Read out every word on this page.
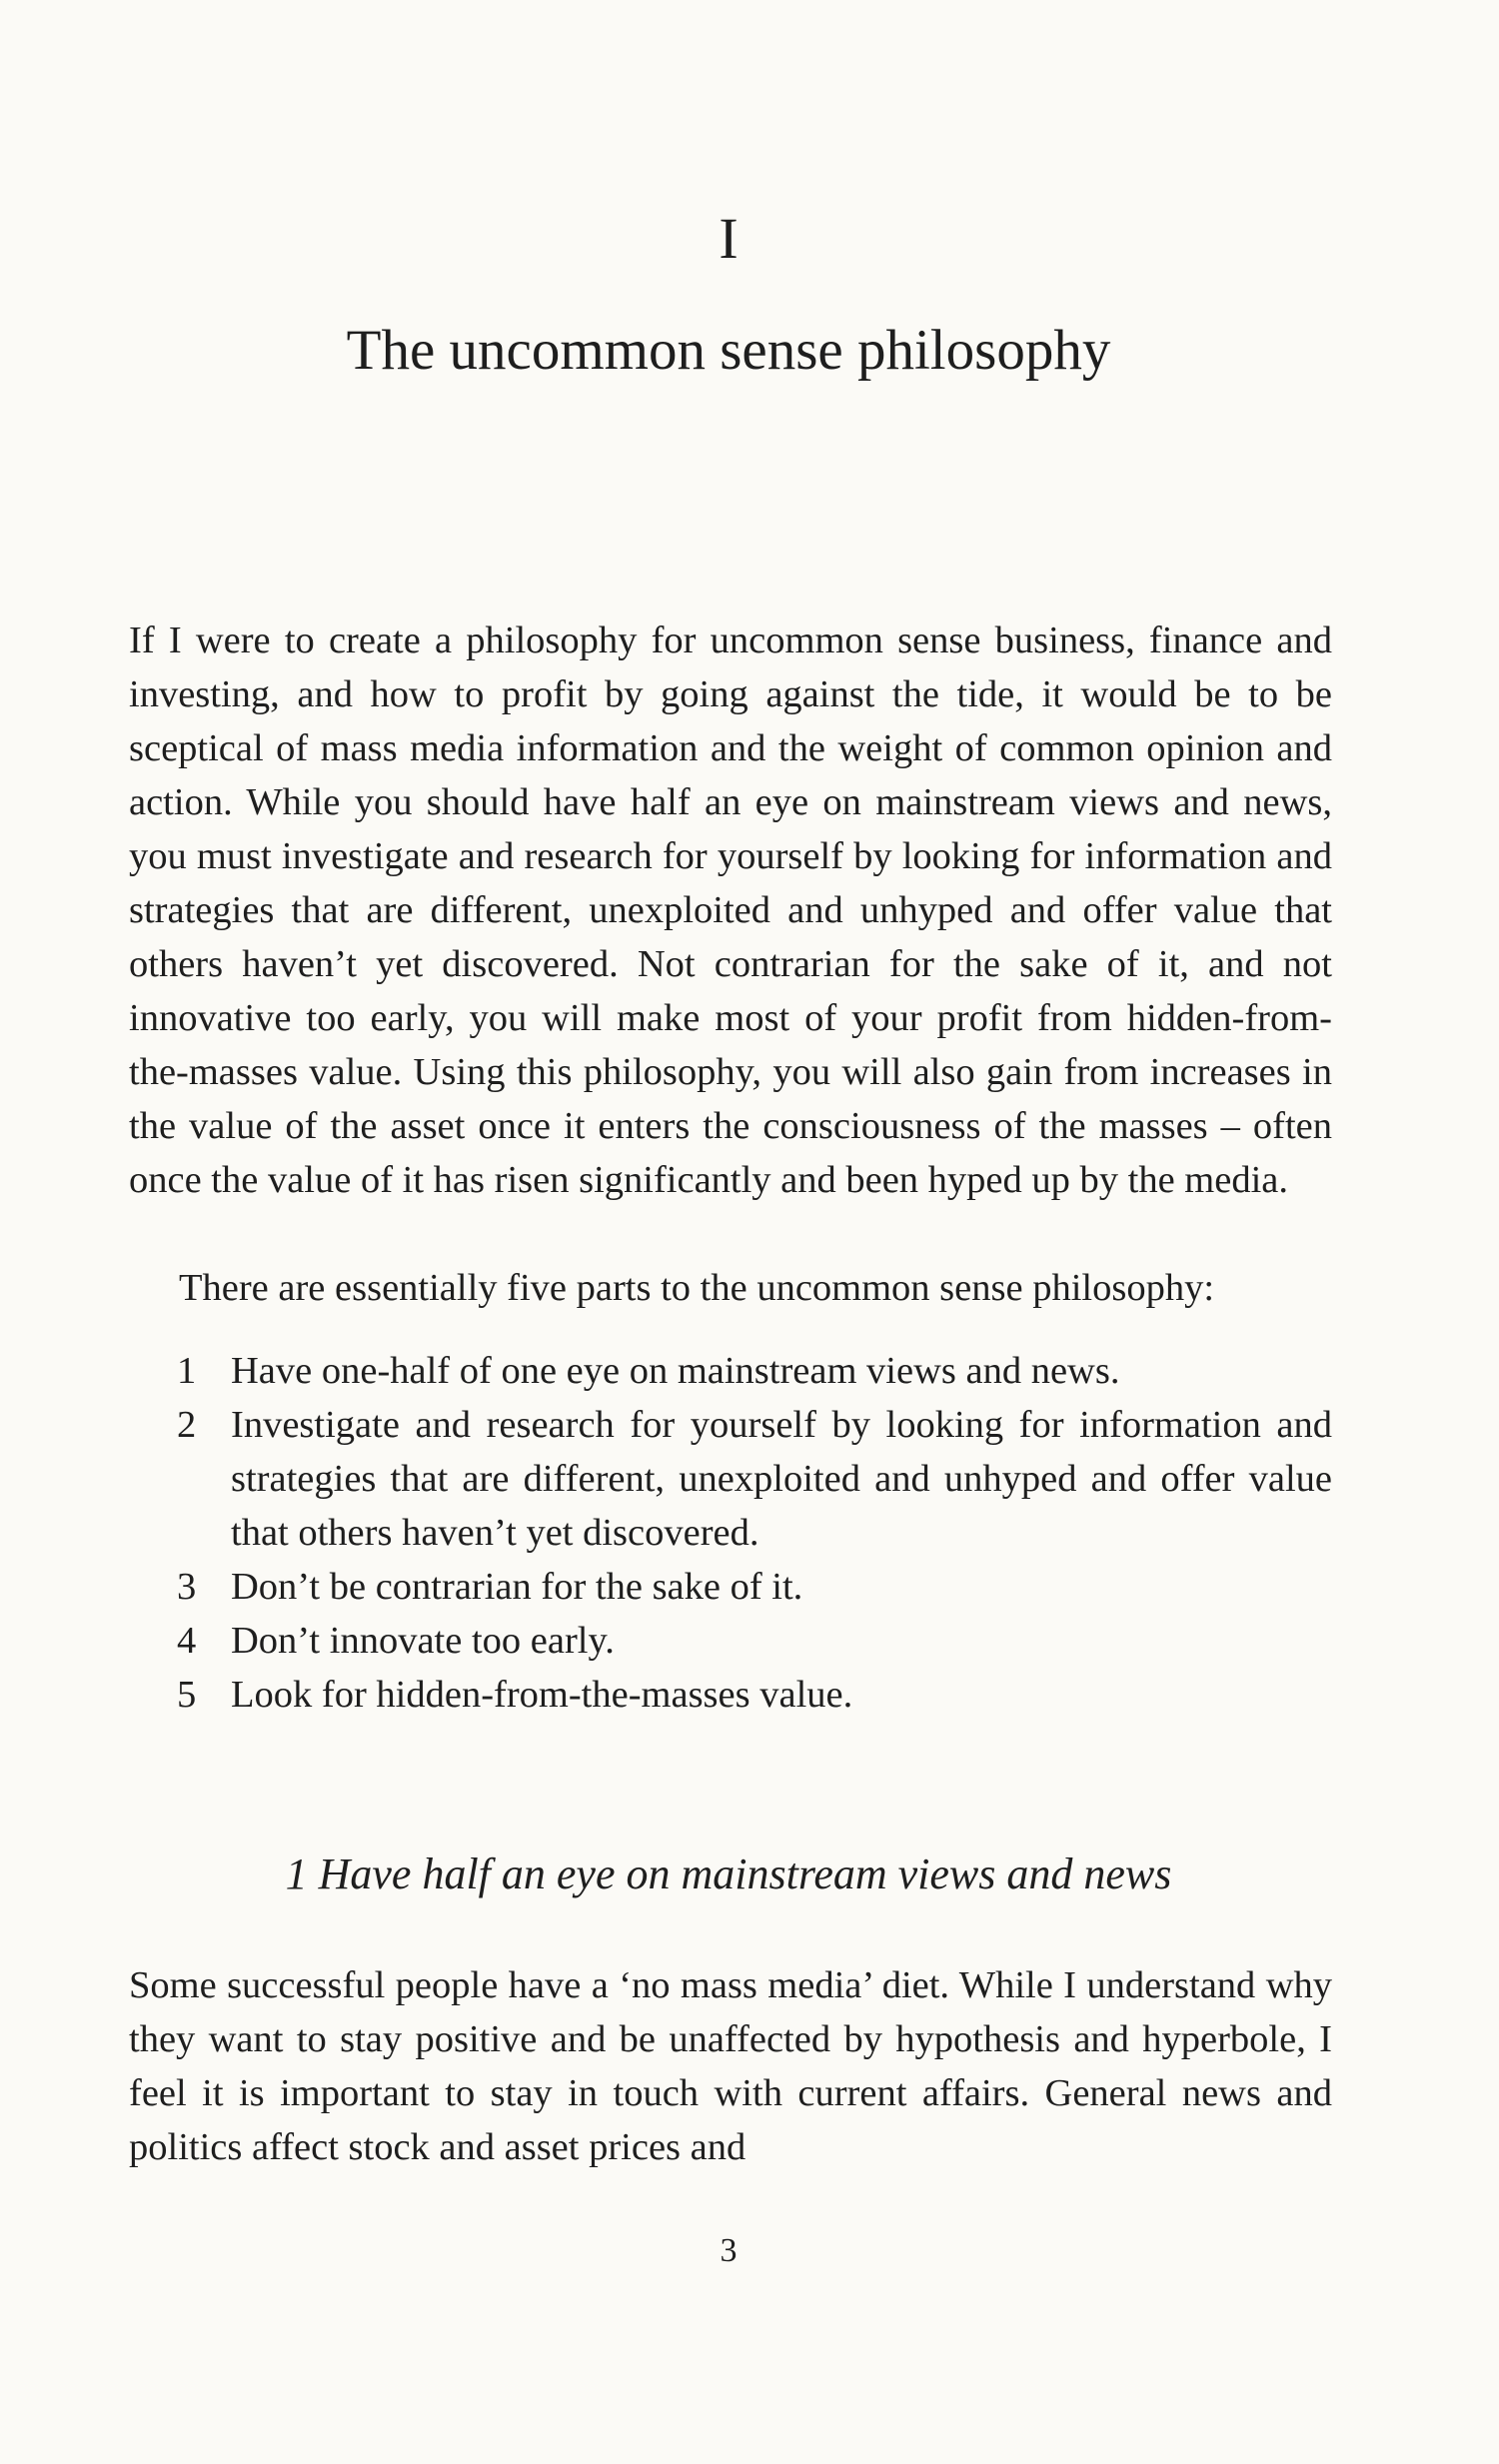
I
The uncommon sense philosophy

If I were to create a philosophy for uncommon sense business, finance and investing, and how to profit by going against the tide, it would be to be sceptical of mass media information and the weight of common opinion and action. While you should have half an eye on mainstream views and news, you must investigate and research for yourself by looking for information and strategies that are different, unexploited and unhyped and offer value that others haven’t yet discovered. Not contrarian for the sake of it, and not innovative too early, you will make most of your profit from hidden-from-the-masses value. Using this philosophy, you will also gain from increases in the value of the asset once it enters the consciousness of the masses – often once the value of it has risen significantly and been hyped up by the media.

There are essentially five parts to the uncommon sense philosophy:

1 Have one-half of one eye on mainstream views and news.
2 Investigate and research for yourself by looking for information and strategies that are different, unexploited and unhyped and offer value that others haven’t yet discovered.
3 Don’t be contrarian for the sake of it.
4 Don’t innovate too early.
5 Look for hidden-from-the-masses value.
1 Have half an eye on mainstream views and news

Some successful people have a ‘no mass media’ diet. While I understand why they want to stay positive and be unaffected by hypothesis and hyperbole, I feel it is important to stay in touch with current affairs. General news and politics affect stock and asset prices and

3
